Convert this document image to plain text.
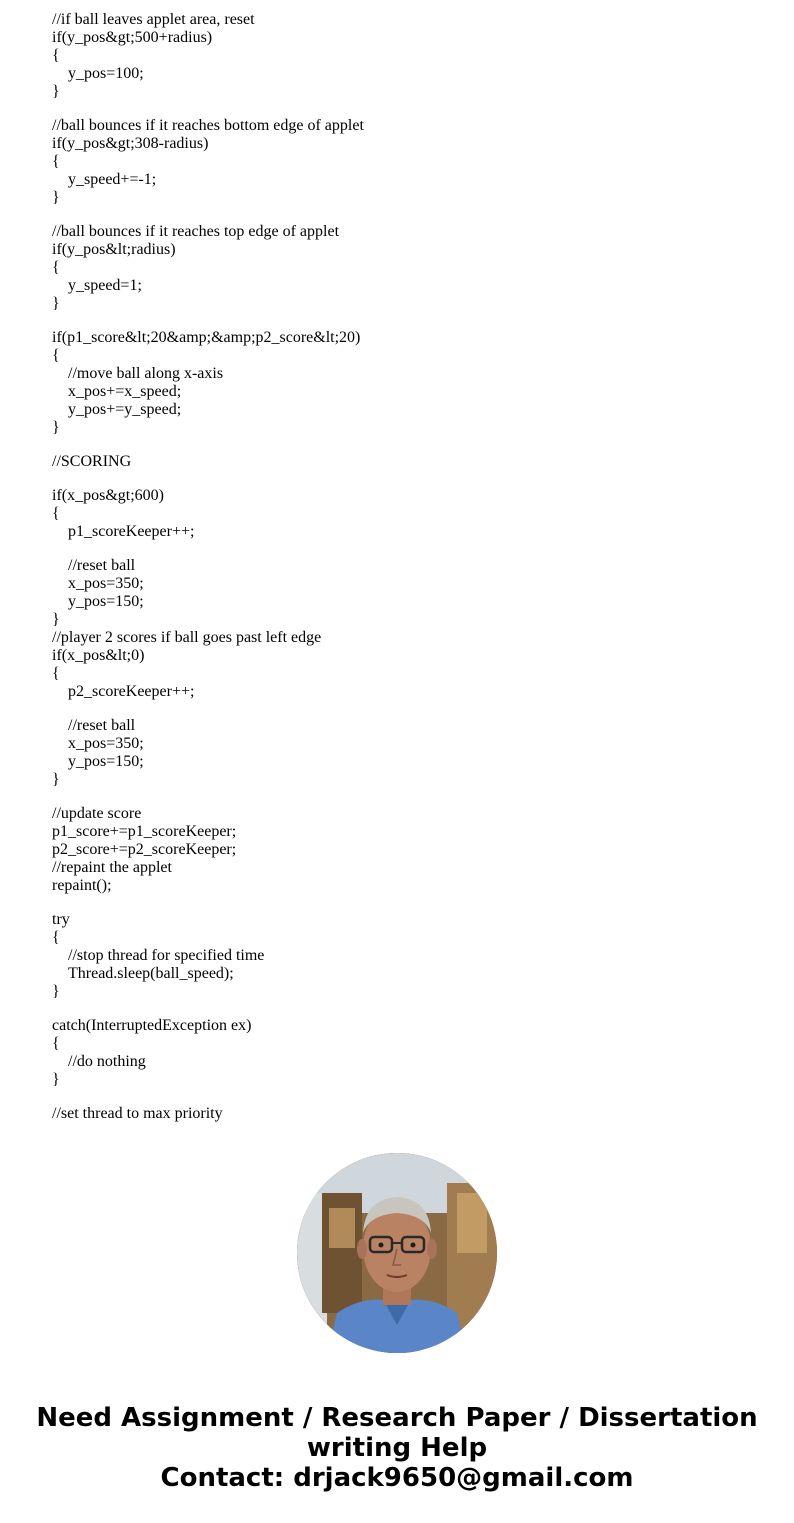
//if ball leaves applet area, reset
if(y_pos&gt;500+radius)
{
y_pos=100;
}
//ball bounces if it reaches bottom edge of applet
if(y_pos&gt;308-radius)
{
y_speed+=-1;
}
//ball bounces if it reaches top edge of applet
if(y_pos&lt;radius)
{
y_speed=1;
}
if(p1_score&lt;20&amp;&amp;p2_score&lt;20)
{
//move ball along x-axis
x_pos+=x_speed;
y_pos+=y_speed;
}
//SCORING
if(x_pos&gt;600)
{
p1_scoreKeeper++;
//reset ball
x_pos=350;
y_pos=150;
}
//player 2 scores if ball goes past left edge
if(x_pos&lt;0)
{
p2_scoreKeeper++;
//reset ball
x_pos=350;
y_pos=150;
}
//update score
p1_score+=p1_scoreKeeper;
p2_score+=p2_scoreKeeper;
//repaint the applet
repaint();
try
{
//stop thread for specified time
Thread.sleep(ball_speed);
}
catch(InterruptedException ex)
{
//do nothing
}
//set thread to max priority
Need Assignment / Research Paper / Dissertation
writing Help
Contact: drjack9650@gmail.com
